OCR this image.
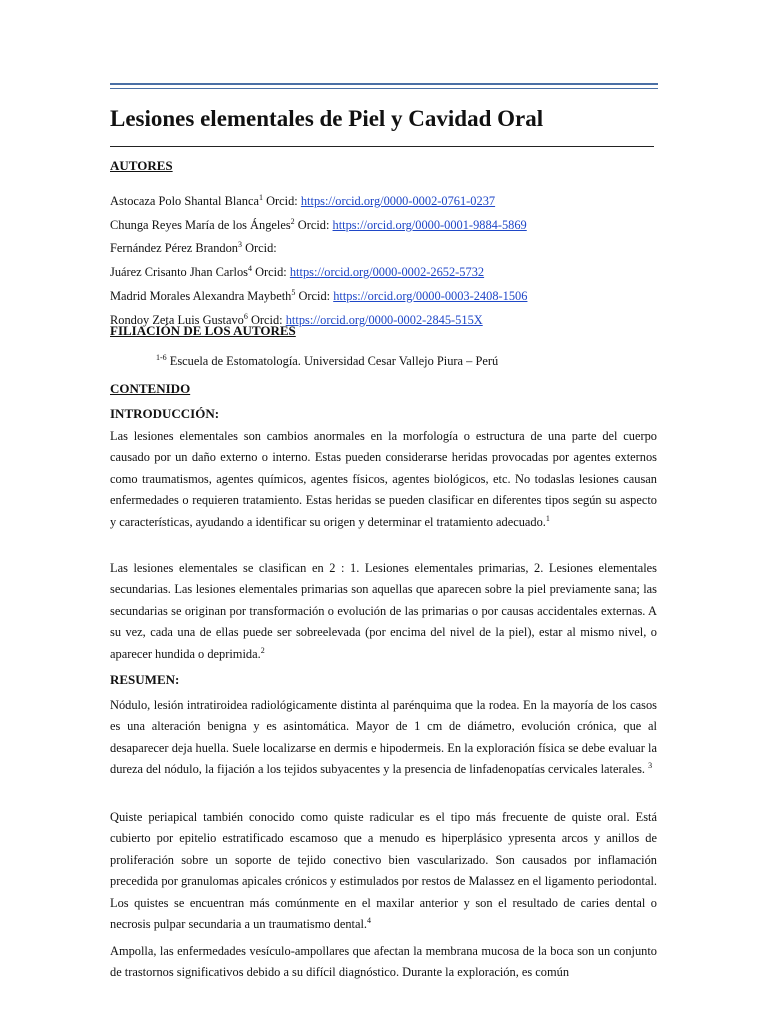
Lesiones elementales de Piel y Cavidad Oral
AUTORES
Astocaza Polo Shantal Blanca$^1$ Orcid: https://orcid.org/0000-0002-0761-0237
Chunga Reyes María de los Ángeles$^2$ Orcid: https://orcid.org/0000-0001-9884-5869
Fernández Pérez Brandon$^3$ Orcid:
Juárez Crisanto Jhan Carlos$^4$ Orcid: https://orcid.org/0000-0002-2652-5732
Madrid Morales Alexandra Maybeth$^5$ Orcid: https://orcid.org/0000-0003-2408-1506
Rondoy Zeta Luis Gustavo$^6$ Orcid: https://orcid.org/0000-0002-2845-515X
FILIACIÓN DE LOS AUTORES
$^{1-6}$ Escuela de Estomatología. Universidad Cesar Vallejo Piura – Perú
CONTENIDO
INTRODUCCIÓN:

Las lesiones elementales son cambios anormales en la morfología o estructura de una parte del cuerpo causado por un daño externo o interno. Estas pueden considerarse heridas provocadas por agentes externos como traumatismos, agentes químicos, agentes físicos, agentes biológicos, etc. No todaslas lesiones causan enfermedades o requieren tratamiento. Estas heridas se pueden clasificar en diferentes tipos según su aspecto y características, ayudando a identificar su origen y determinar el tratamiento adecuado.$^1$

Las lesiones elementales se clasifican en 2 : 1. Lesiones elementales primarias, 2. Lesiones elementales secundarias. Las lesiones elementales primarias son aquellas que aparecen sobre la piel previamente sana; las secundarias se originan por transformación o evolución de las primarias o por causas accidentales externas. A su vez, cada una de ellas puede ser sobreelevada (por encima del nivel de la piel), estar al mismo nivel, o aparecer hundida o deprimida.$^2$

RESUMEN:

Nódulo, lesión intratiroidea radiológicamente distinta al parénquima que la rodea. En la mayoría de los casos es una alteración benigna y es asintomática. Mayor de 1 cm de diámetro, evolución crónica, que al desaparecer deja huella. Suele localizarse en dermis e hipodermeis. En la exploración física se debe evaluar la dureza del nódulo, la fijación a los tejidos subyacentes y la presencia de linfadenopatías cervicales laterales. $^3$

Quiste periapical también conocido como quiste radicular es el tipo más frecuente de quiste oral. Está cubierto por epitelio estratificado escamoso que a menudo es hiperplásico ypresenta arcos y anillos de proliferación sobre un soporte de tejido conectivo bien vascularizado. Son causados por inflamación precedida por granulomas apicales crónicos y estimulados por restos de Malassez en el ligamento periodontal. Los quistes se encuentran más comúnmente en el maxilar anterior y son el resultado de caries dental o necrosis pulpar secundaria a un traumatismo dental.$^4$

Ampolla, las enfermedades vesículo-ampollares que afectan la membrana mucosa de la boca son un conjunto de trastornos significativos debido a su difícil diagnóstico. Durante la exploración, es común
